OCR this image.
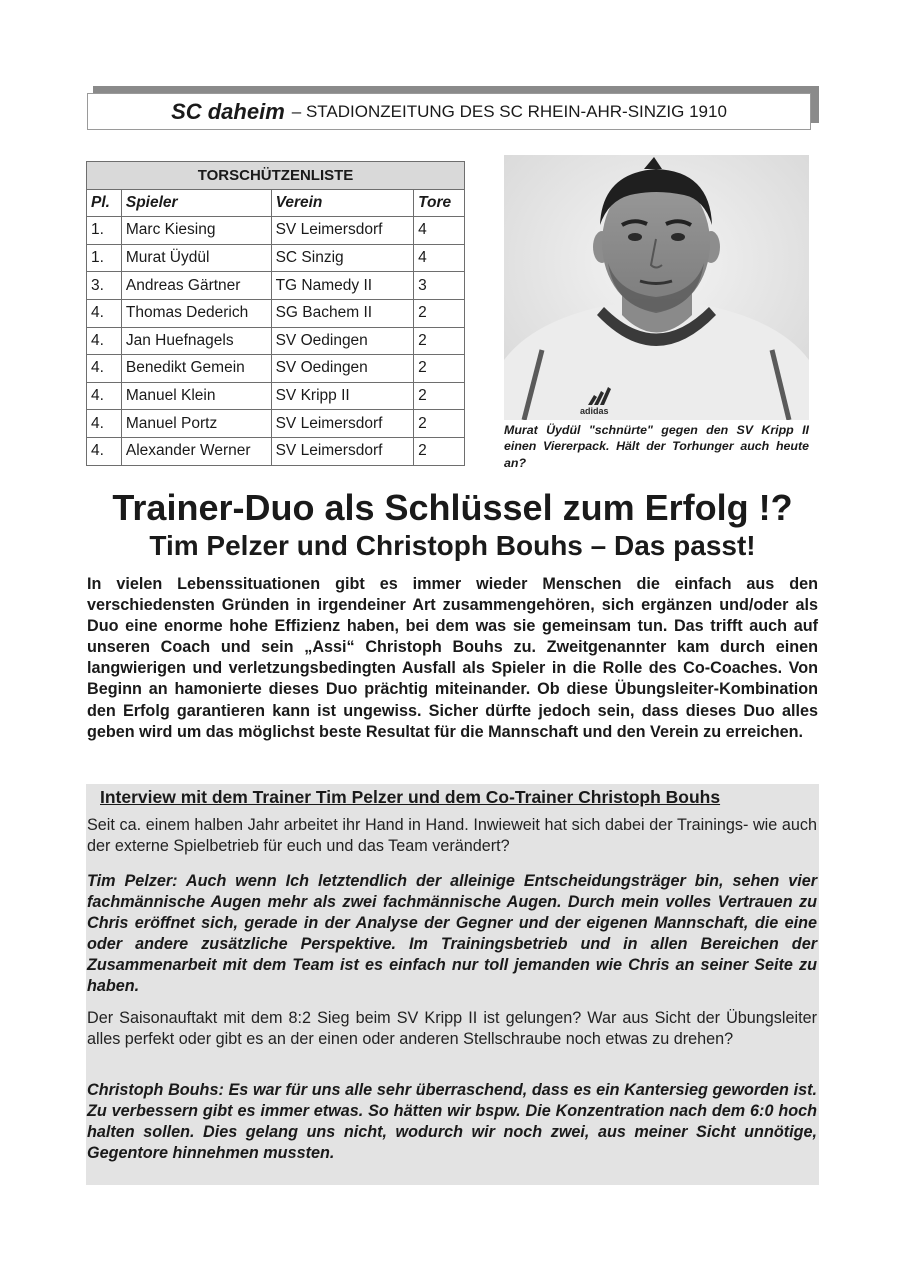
SC daheim – STADIONZEITUNG DES SC RHEIN-AHR-SINZIG 1910
TORSCHÜTZENLISTE			
Pl.	Spieler	Verein	Tore
1.	Marc Kiesing	SV Leimersdorf	4
1.	Murat Üydül	SC Sinzig	4
3.	Andreas Gärtner	TG Namedy II	3
4.	Thomas Dederich	SG Bachem II	2
4.	Jan Huefnagels	SV Oedingen	2
4.	Benedikt Gemein	SV Oedingen	2
4.	Manuel Klein	SV Kripp II	2
4.	Manuel Portz	SV Leimersdorf	2
4.	Alexander Werner	SV Leimersdorf	2
adidas
Murat Üydül "schnürte" gegen den SV Kripp II einen Viererpack. Hält der Torhunger auch heute an?
Trainer-Duo als Schlüssel zum Erfolg !?
Tim Pelzer und Christoph Bouhs – Das passt!
In vielen Lebenssituationen gibt es immer wieder Menschen die einfach aus den verschiedensten Gründen in irgendeiner Art zusammengehören, sich ergänzen und/oder als Duo eine enorme hohe Effizienz haben, bei dem was sie gemeinsam tun. Das trifft auch auf unseren Coach und sein „Assi“ Christoph Bouhs zu. Zweitgenannter kam durch einen langwierigen und verletzungsbedingten Ausfall als Spieler in die Rolle des Co-Coaches. Von Beginn an hamonierte dieses Duo prächtig miteinander. Ob diese Übungsleiter-Kombination den Erfolg garantieren kann ist ungewiss. Sicher dürfte jedoch sein, dass dieses Duo alles geben wird um das möglichst beste Resultat für die Mannschaft und den Verein zu erreichen.
Interview mit dem Trainer Tim Pelzer und dem Co-Trainer Christoph Bouhs
Seit ca. einem halben Jahr arbeitet ihr Hand in Hand. Inwieweit hat sich dabei der Trainings- wie auch der externe Spielbetrieb für euch und das Team verändert?
Tim Pelzer: Auch wenn Ich letztendlich der alleinige Entscheidungsträger bin, sehen vier fachmännische Augen mehr als zwei fachmännische Augen. Durch mein volles Vertrauen zu Chris eröffnet sich, gerade in der Analyse der Gegner und der eigenen Mannschaft, die eine oder andere zusätzliche Perspektive. Im Trainingsbetrieb und in allen Bereichen der Zusammenarbeit mit dem Team ist es einfach nur toll jemanden wie Chris an seiner Seite zu haben.
Der Saisonauftakt mit dem 8:2 Sieg beim SV Kripp II ist gelungen? War aus Sicht der Übungsleiter alles perfekt oder gibt es an der einen oder anderen Stellschraube noch etwas zu drehen?
Christoph Bouhs: Es war für uns alle sehr überraschend, dass es ein Kantersieg geworden ist. Zu verbessern gibt es immer etwas. So hätten wir bspw. Die Konzentration nach dem 6:0 hoch halten sollen. Dies gelang uns nicht, wodurch wir noch zwei, aus meiner Sicht unnötige, Gegentore hinnehmen mussten.
